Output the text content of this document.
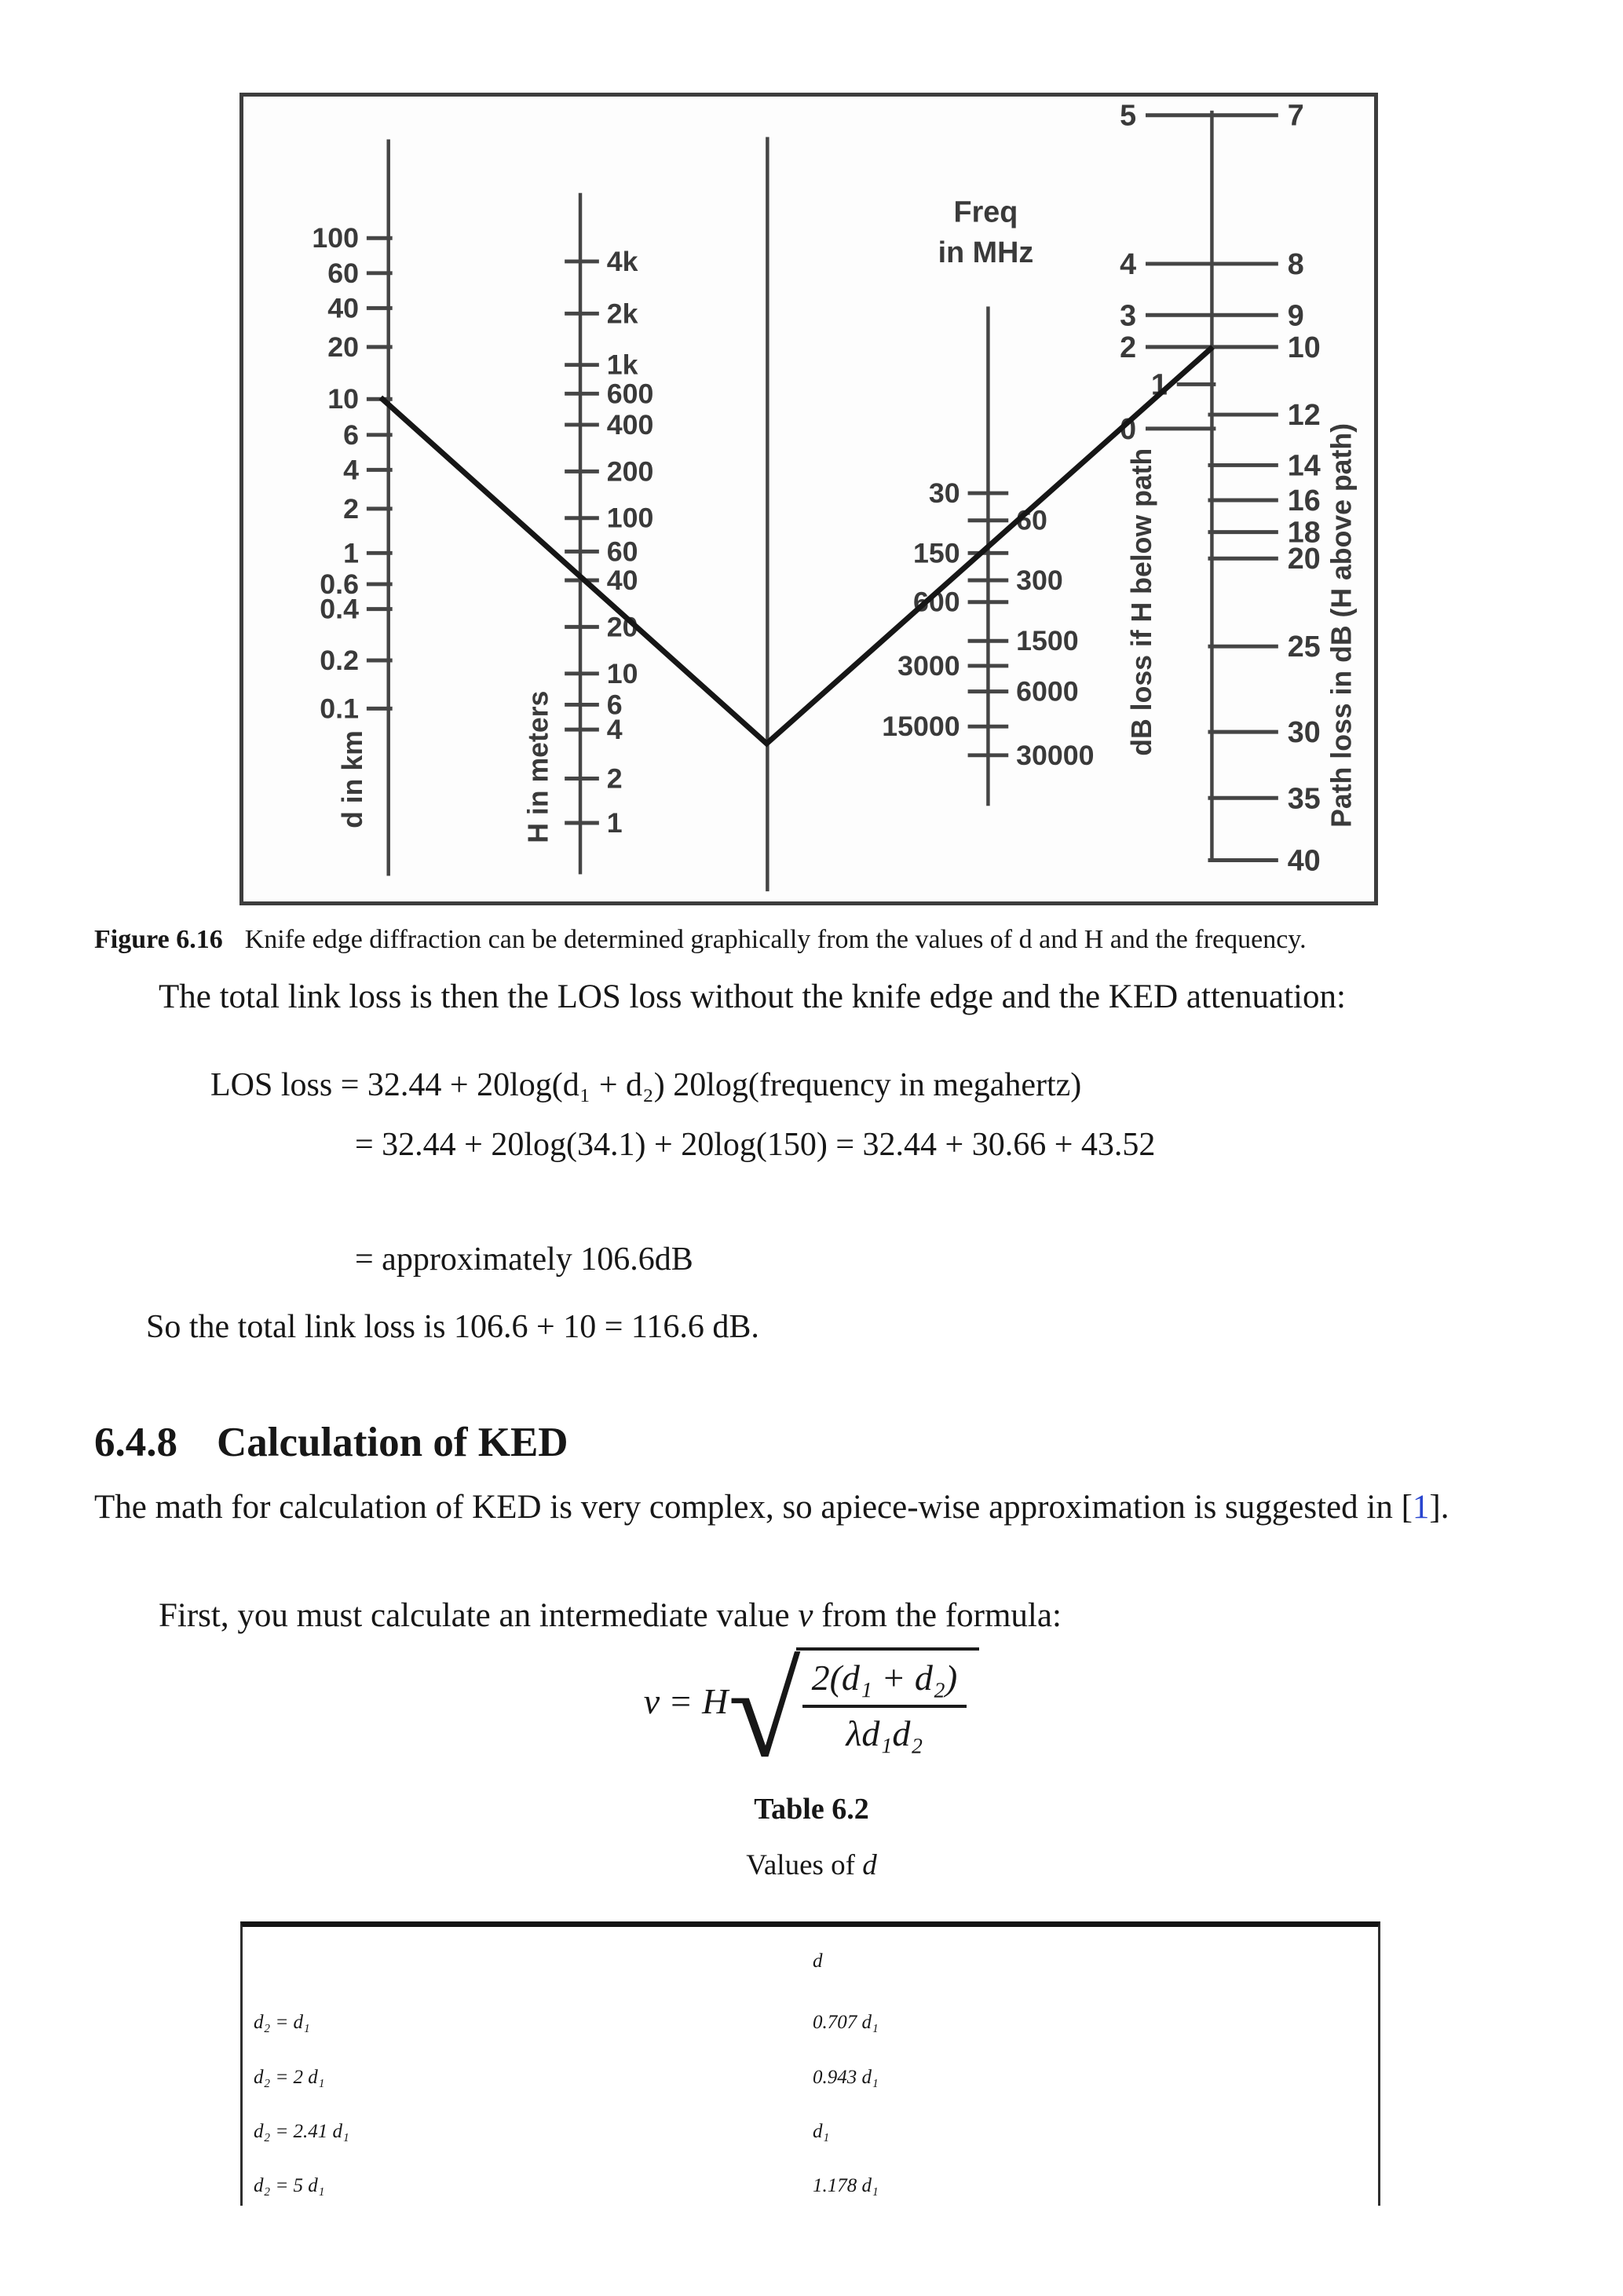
100
60
40
20
10
6
4
2
1
0.6
0.4
0.2
0.1
d in km
4k
2k
1k
600
400
200
100
60
40
20
10
6
4
2
1
H in meters
30
60
150
300
600
1500
3000
6000
15000
30000
Freq
in MHz
5	7
4	8
3	9
2	10
1
12
0
14
16
18
20
25
30
35
40
dB loss if H below path	Path loss in dB (H above path)

Figure 6.16 Knife edge diffraction can be determined graphically from the values of d and H and the frequency.

The total link loss is then the LOS loss without the knife edge and the KED attenuation:

LOS loss = 32.44 + 20log(d₁ + d₂) 20log(frequency in megahertz)
= 32.44 + 20log(34.1) + 20log(150) = 32.44 + 30.66 + 43.52
= approximately 106.6dB
So the total link loss is 106.6 + 10 = 116.6 dB.
6.4.8 Calculation of KED

The math for calculation of KED is very complex, so apiece-wise approximation is suggested in [1].

First, you must calculate an intermediate value v from the formula:

v = H √ $\frac{\text{2(d₁ + d₂)}}{\text{λd₁d₂}}$
Table 6.2
Values of d
d
d₂ = d₁	0.707 d₁
d₂ = 2 d₁	0.943 d₁
d₂ = 2.41 d₁	d₁
d₂ = 5 d₁	1.178 d₁
